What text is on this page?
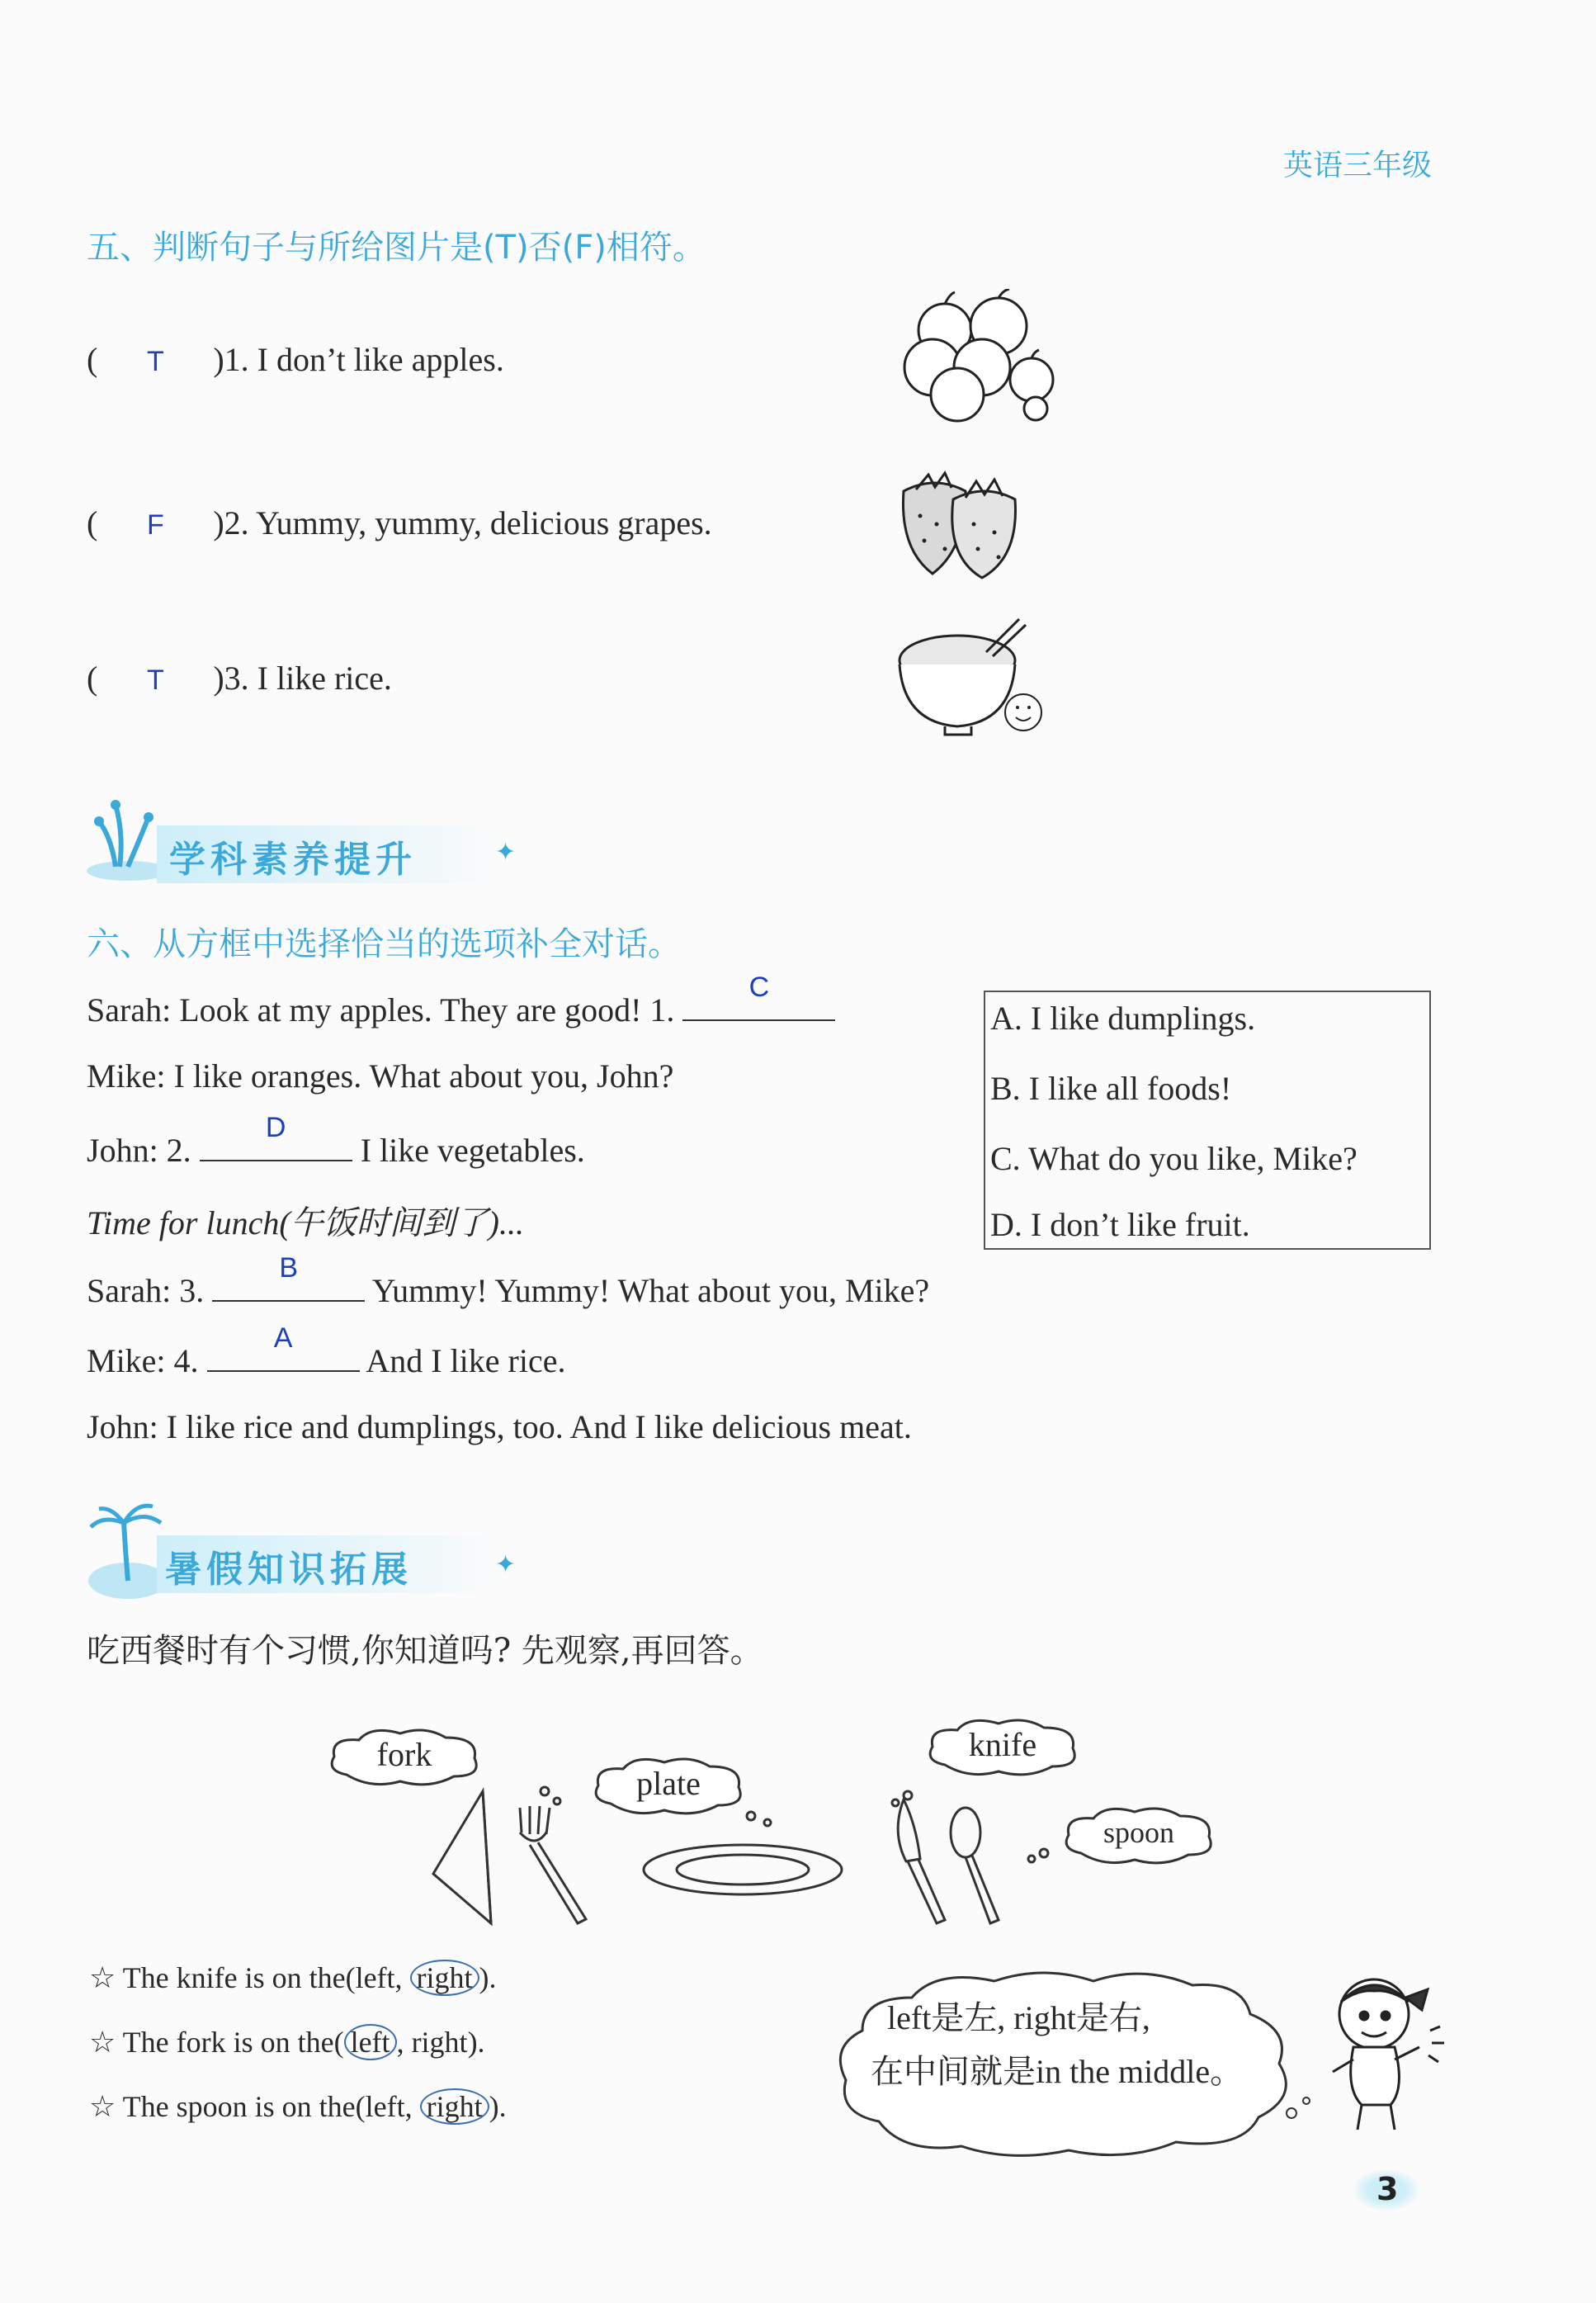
英语三年级
五、判断句子与所给图片是(T)否(F)相符。
( T )1. I don’t like apples.
( F )2. Yummy, yummy, delicious grapes.
( T )3. I like rice.
学科素养提升	✦
六、从方框中选择恰当的选项补全对话。
Sarah: Look at my apples. They are good! 1.
C
Mike: I like oranges. What about you, John?
John: 2.
D
I like vegetables.
Time for lunch(午饭时间到了)...
Sarah: 3.
B
Yummy! Yummy! What about you, Mike?
Mike: 4.
A
And I like rice.
John: I like rice and dumplings, too. And I like delicious meat.
A. I like dumplings.
B. I like all foods!
C. What do you like, Mike?
D. I don’t like fruit.
暑假知识拓展	✦
吃西餐时有个习惯,你知道吗? 先观察,再回答。
fork
plate
knife
spoon
☆ The knife is on the(left, right ).
☆ The fork is on the( left , right).
☆ The spoon is on the(left, right ).
left是左, right是右,
在中间就是in the middle。
3
